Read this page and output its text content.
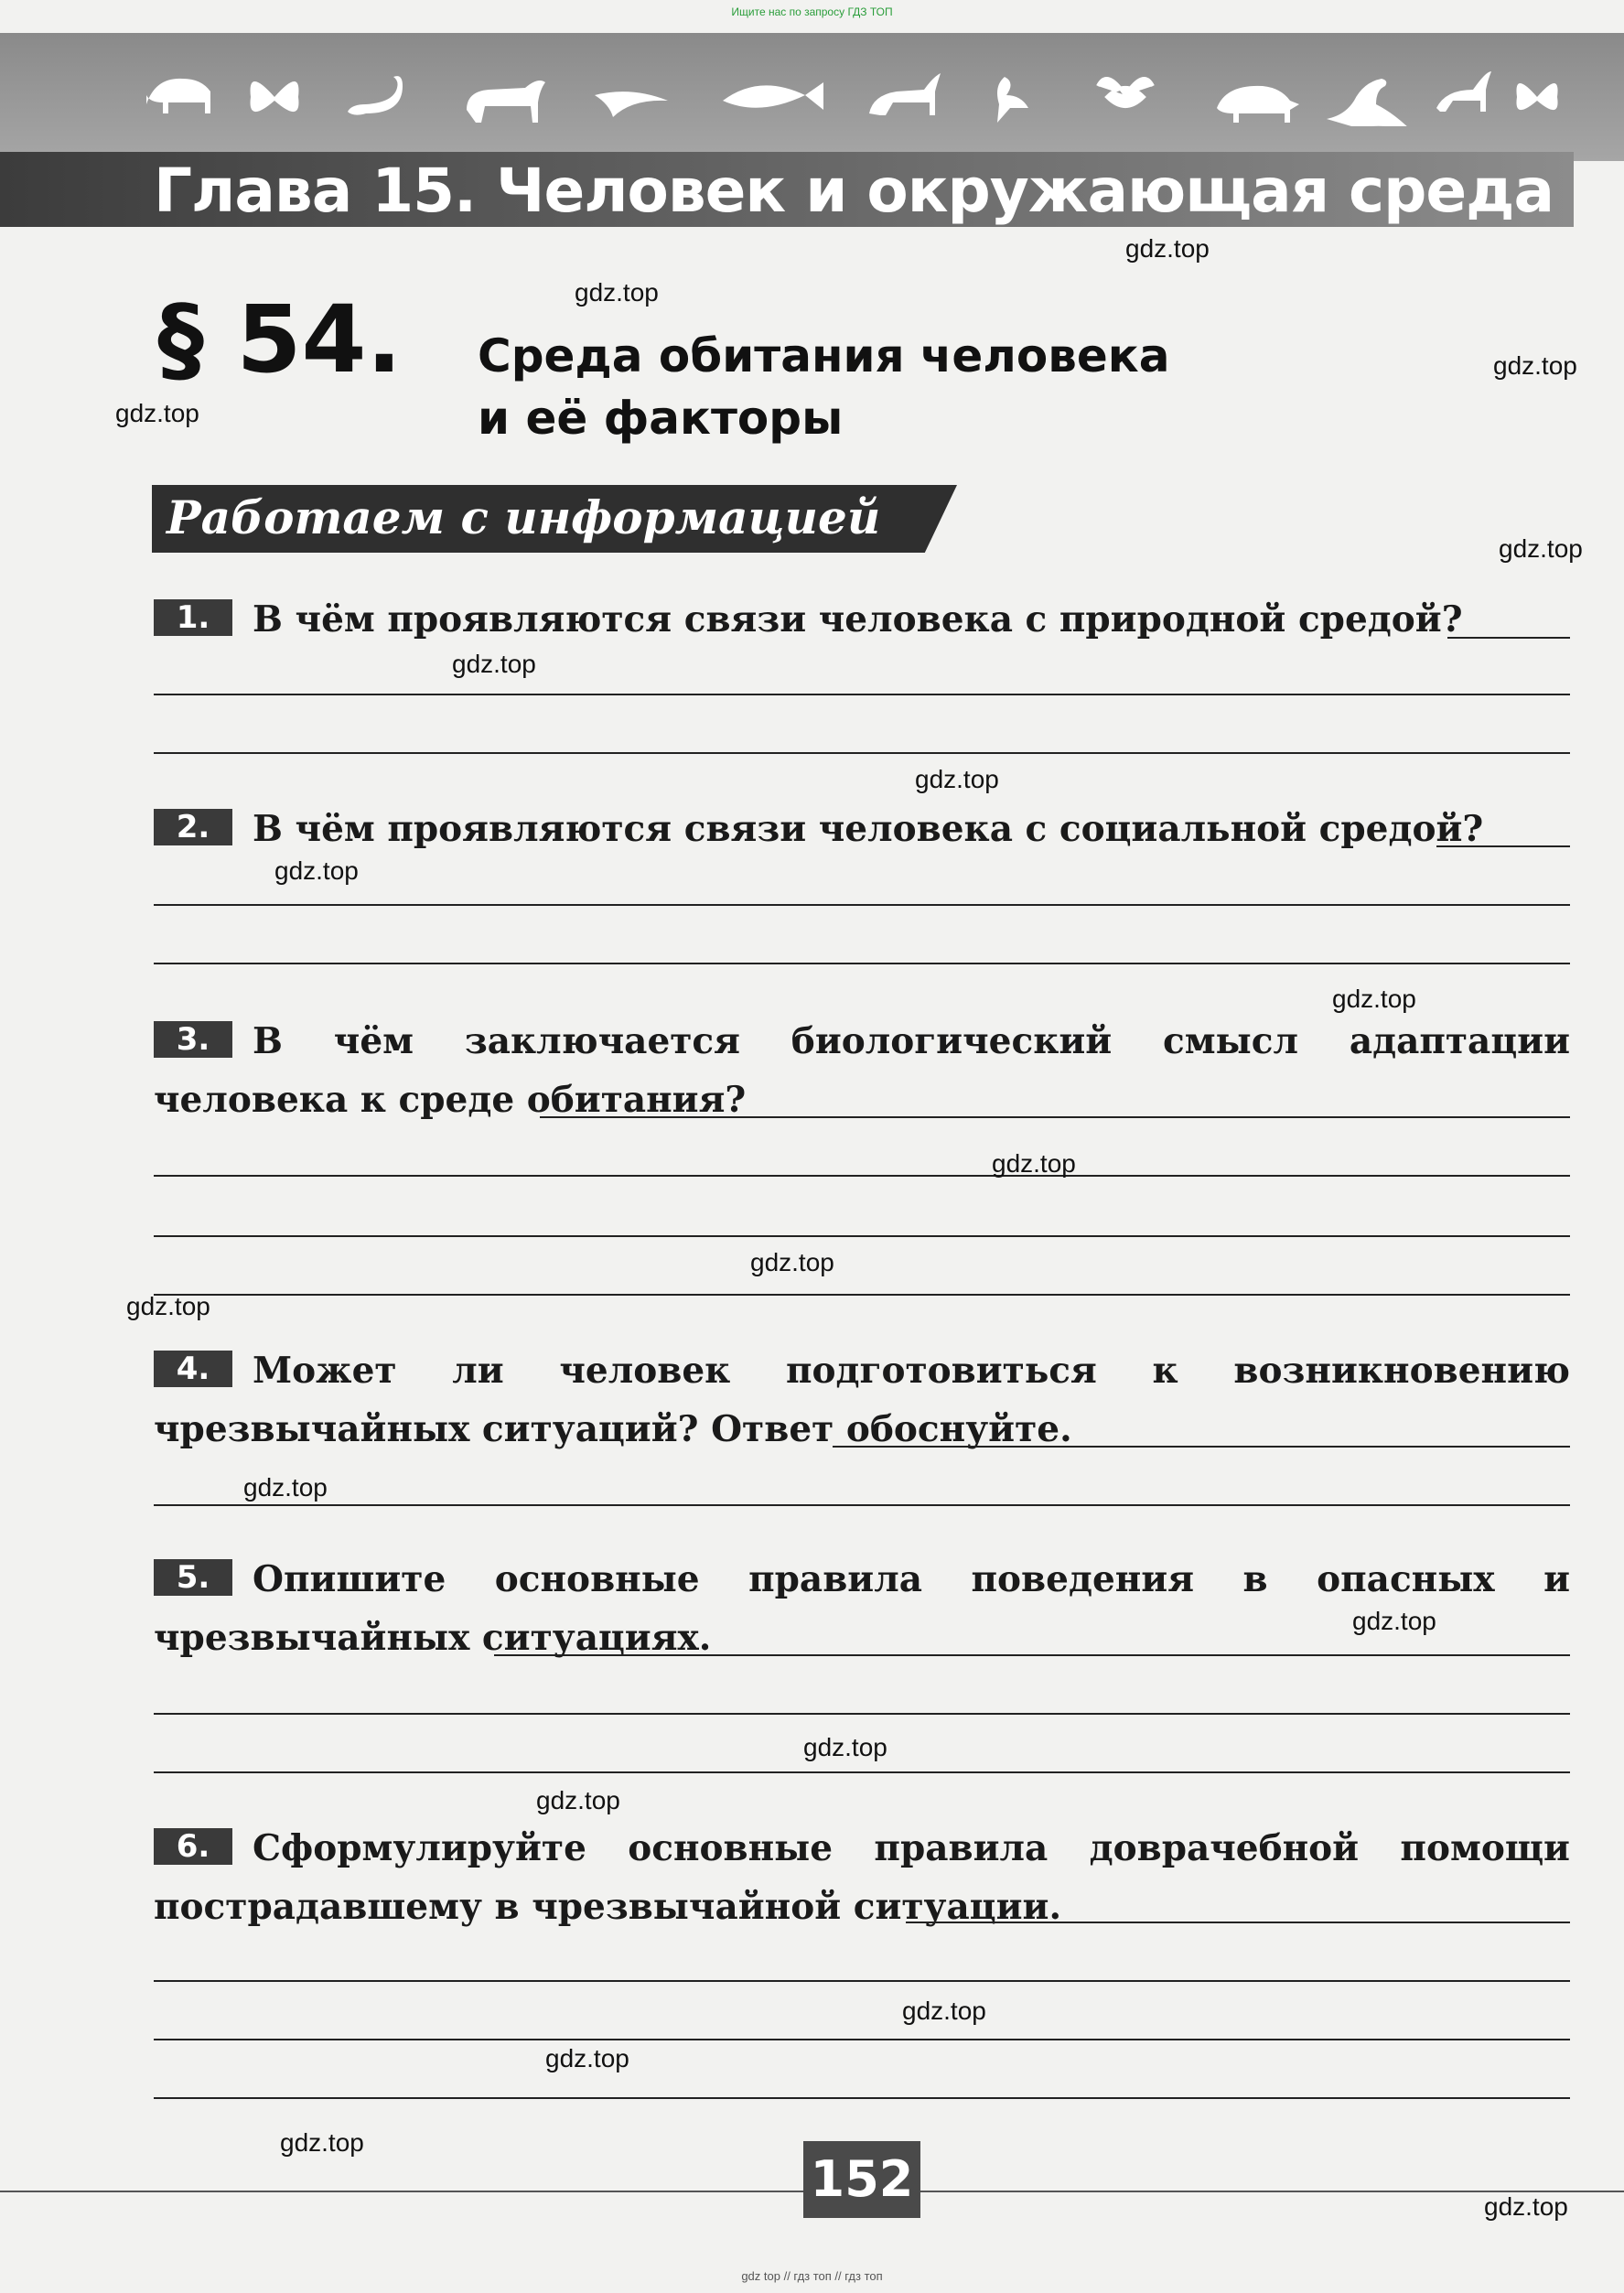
Ищите нас по запросу ГДЗ ТОП
Глава 15. Человек и окружающая среда
§ 54. Среда обитания человека
и её факторы
Работаем с информацией
1. В чём проявляются связи человека с природной средой?
2. В чём проявляются связи человека с социальной средой?
3. В чём заключается биологический смысл адаптации человека к среде обитания?
4. Может ли человек подготовиться к возникновению чрезвычайных ситуаций? Ответ обоснуйте.
5. Опишите основные правила поведения в опасных и чрезвычайных ситуациях.
6. Сформулируйте основные правила доврачебной помощи пострадавшему в чрезвычайной ситуации.
gdz.top
gdz.top
gdz.top
gdz.top
gdz.top
gdz.top
gdz.top
gdz.top
gdz.top
gdz.top
gdz.top
gdz.top
gdz.top
gdz.top
gdz.top
gdz.top
gdz.top
gdz.top
gdz.top
gdz.top
152
gdz top // гдз топ // гдз топ
